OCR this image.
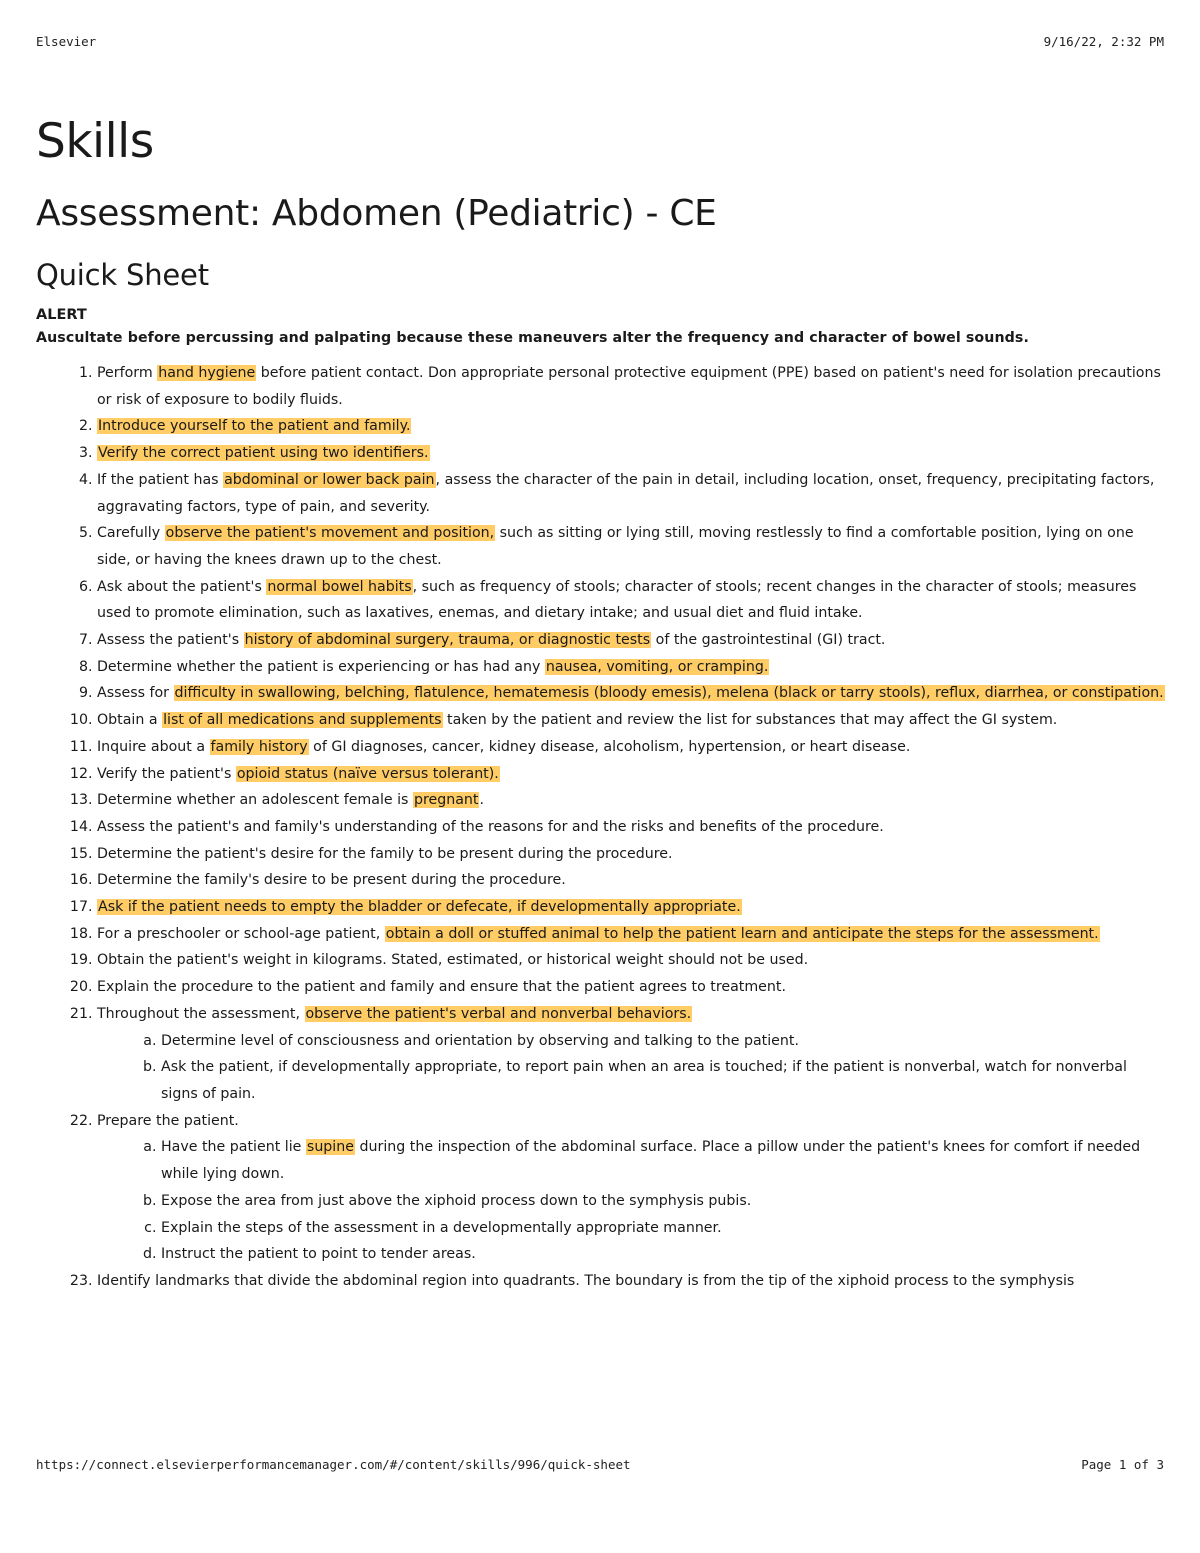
Elsevier	9/16/22, 2:32 PM
Skills
Assessment: Abdomen (Pediatric) - CE
Quick Sheet
ALERT
Auscultate before percussing and palpating because these maneuvers alter the frequency and character of bowel sounds.
1. Perform hand hygiene before patient contact. Don appropriate personal protective equipment (PPE) based on patient's need for isolation precautions or risk of exposure to bodily fluids.
2. Introduce yourself to the patient and family.
3. Verify the correct patient using two identifiers.
4. If the patient has abdominal or lower back pain, assess the character of the pain in detail, including location, onset, frequency, precipitating factors, aggravating factors, type of pain, and severity.
5. Carefully observe the patient's movement and position, such as sitting or lying still, moving restlessly to find a comfortable position, lying on one side, or having the knees drawn up to the chest.
6. Ask about the patient's normal bowel habits, such as frequency of stools; character of stools; recent changes in the character of stools; measures used to promote elimination, such as laxatives, enemas, and dietary intake; and usual diet and fluid intake.
7. Assess the patient's history of abdominal surgery, trauma, or diagnostic tests of the gastrointestinal (GI) tract.
8. Determine whether the patient is experiencing or has had any nausea, vomiting, or cramping.
9. Assess for difficulty in swallowing, belching, flatulence, hematemesis (bloody emesis), melena (black or tarry stools), reflux, diarrhea, or constipation.
10. Obtain a list of all medications and supplements taken by the patient and review the list for substances that may affect the GI system.
11. Inquire about a family history of GI diagnoses, cancer, kidney disease, alcoholism, hypertension, or heart disease.
12. Verify the patient's opioid status (naïve versus tolerant).
13. Determine whether an adolescent female is pregnant.
14. Assess the patient's and family's understanding of the reasons for and the risks and benefits of the procedure.
15. Determine the patient's desire for the family to be present during the procedure.
16. Determine the family's desire to be present during the procedure.
17. Ask if the patient needs to empty the bladder or defecate, if developmentally appropriate.
18. For a preschooler or school-age patient, obtain a doll or stuffed animal to help the patient learn and anticipate the steps for the assessment.
19. Obtain the patient's weight in kilograms. Stated, estimated, or historical weight should not be used.
20. Explain the procedure to the patient and family and ensure that the patient agrees to treatment.
21. Throughout the assessment, observe the patient's verbal and nonverbal behaviors.
a. Determine level of consciousness and orientation by observing and talking to the patient.
b. Ask the patient, if developmentally appropriate, to report pain when an area is touched; if the patient is nonverbal, watch for nonverbal signs of pain.
22. Prepare the patient.
a. Have the patient lie supine during the inspection of the abdominal surface. Place a pillow under the patient's knees for comfort if needed while lying down.
b. Expose the area from just above the xiphoid process down to the symphysis pubis.
c. Explain the steps of the assessment in a developmentally appropriate manner.
d. Instruct the patient to point to tender areas.
23. Identify landmarks that divide the abdominal region into quadrants. The boundary is from the tip of the xiphoid process to the symphysis
https://connect.elsevierperformancemanager.com/#/content/skills/996/quick-sheet	Page 1 of 3
